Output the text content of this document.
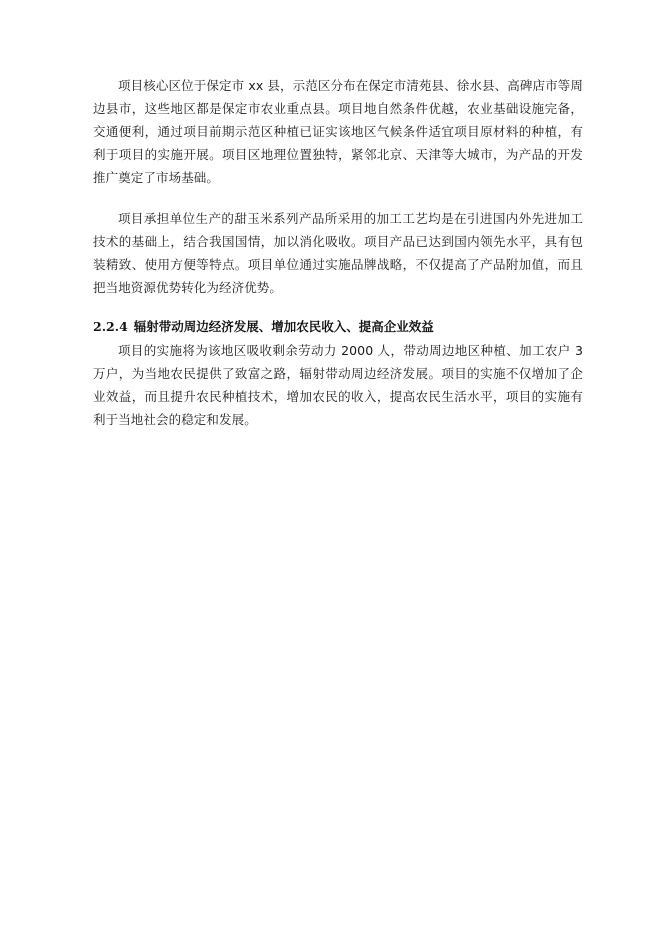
项目核心区位于保定市 xx 县，示范区分布在保定市清苑县、徐水县、高碑店市等周边县市，这些地区都是保定市农业重点县。项目地自然条件优越，农业基础设施完备，交通便利，通过项目前期示范区种植已证实该地区气候条件适宜项目原材料的种植，有利于项目的实施开展。项目区地理位置独特，紧邻北京、天津等大城市，为产品的开发推广奠定了市场基础。

项目承担单位生产的甜玉米系列产品所采用的加工工艺均是在引进国内外先进加工技术的基础上，结合我国国情，加以消化吸收。项目产品已达到国内领先水平，具有包装精致、使用方便等特点。项目单位通过实施品牌战略，不仅提高了产品附加值，而且把当地资源优势转化为经济优势。

2.2.4 辐射带动周边经济发展、增加农民收入、提高企业效益

项目的实施将为该地区吸收剩余劳动力 2000 人，带动周边地区种植、加工农户 3 万户，为当地农民提供了致富之路，辐射带动周边经济发展。项目的实施不仅增加了企业效益，而且提升农民种植技术，增加农民的收入，提高农民生活水平，项目的实施有利于当地社会的稳定和发展。
